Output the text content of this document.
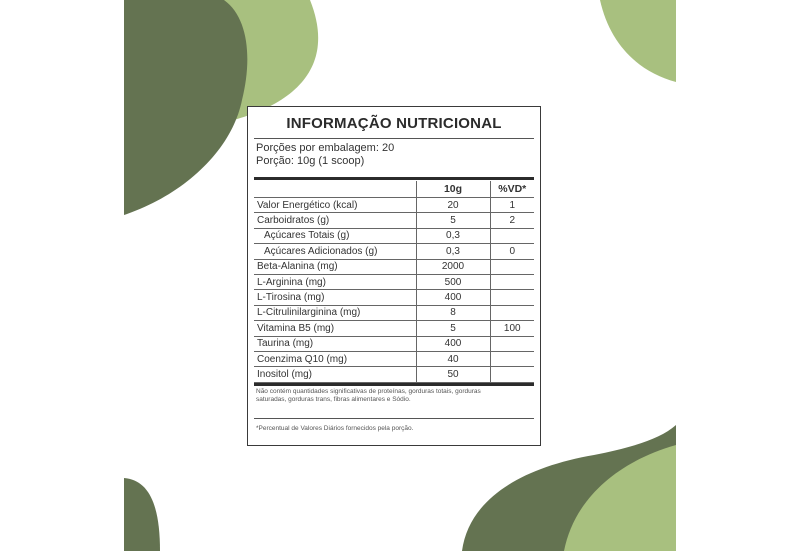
INFORMAÇÃO NUTRICIONAL
Porções por embalagem: 20
Porção: 10g (1 scoop)
	10g	%VD*
Valor Energético (kcal)	20	1
Carboidratos (g)	5	2
Açúcares Totais (g)	0,3	
Açúcares Adicionados (g)	0,3	0
Beta-Alanina (mg)	2000	
L-Arginina (mg)	500	
L-Tirosina (mg)	400	
L-Citrulinilarginina (mg)	8	
Vitamina B5 (mg)	5	100
Taurina (mg)	400	
Coenzima Q10 (mg)	40	
Inositol (mg)	50	
Não contém quantidades significativas de proteínas, gorduras totais, gorduras
saturadas, gorduras trans, fibras alimentares e Sódio.
*Percentual de Valores Diários fornecidos pela porção.
